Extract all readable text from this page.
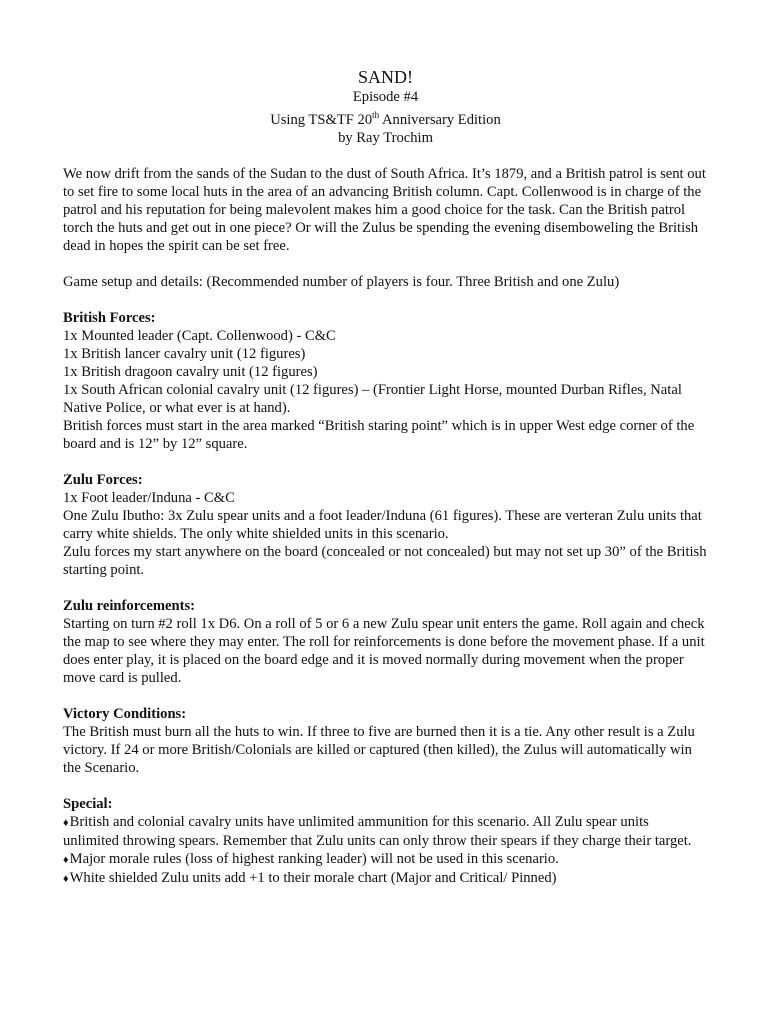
SAND!

Episode #4

Using TS&TF 20th Anniversary Edition

by Ray Trochim

We now drift from the sands of the Sudan to the dust of South Africa. It’s 1879, and a British patrol is sent out to set fire to some local huts in the area of an advancing British column. Capt. Collenwood is in charge of the patrol and his reputation for being malevolent makes him a good choice for the task. Can the British patrol torch the huts and get out in one piece? Or will the Zulus be spending the evening disemboweling the British dead in hopes the spirit can be set free.

Game setup and details: (Recommended number of players is four. Three British and one Zulu)

British Forces:

1x Mounted leader (Capt. Collenwood) - C&C

1x British lancer cavalry unit (12 figures)

1x British dragoon cavalry unit (12 figures)

1x South African colonial cavalry unit (12 figures) – (Frontier Light Horse, mounted Durban Rifles, Natal Native Police, or what ever is at hand).

British forces must start in the area marked “British staring point” which is in upper West edge corner of the board and is 12” by 12” square.

Zulu Forces:

1x Foot leader/Induna - C&C

One Zulu Ibutho: 3x Zulu spear units and a foot leader/Induna (61 figures). These are verteran Zulu units that carry white shields. The only white shielded units in this scenario.

Zulu forces my start anywhere on the board (concealed or not concealed) but may not set up 30” of the British starting point.

Zulu reinforcements:

Starting on turn #2 roll 1x D6. On a roll of 5 or 6 a new Zulu spear unit enters the game. Roll again and check the map to see where they may enter. The roll for reinforcements is done before the movement phase. If a unit does enter play, it is placed on the board edge and it is moved normally during movement when the proper move card is pulled.

Victory Conditions:

The British must burn all the huts to win. If three to five are burned then it is a tie. Any other result is a Zulu victory. If 24 or more British/Colonials are killed or captured (then killed), the Zulus will automatically win the Scenario.

Special:

♦British and colonial cavalry units have unlimited ammunition for this scenario. All Zulu spear units unlimited throwing spears. Remember that Zulu units can only throw their spears if they charge their target.

♦Major morale rules (loss of highest ranking leader) will not be used in this scenario.

♦White shielded Zulu units add +1 to their morale chart (Major and Critical/ Pinned)
